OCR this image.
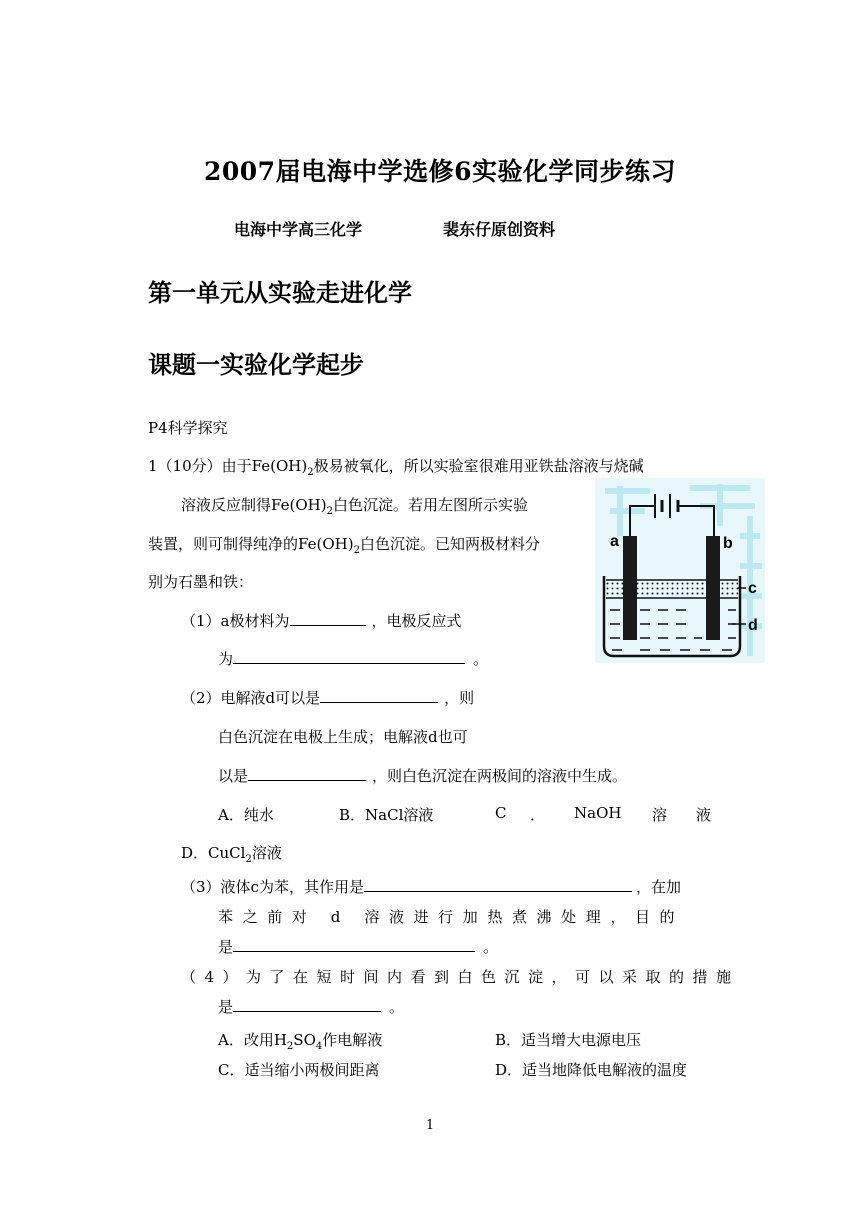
2007届电海中学选修6实验化学同步练习
电海中学高三化学	裴东仔原创资料
第一单元从实验走进化学
课题一实验化学起步
P4科学探究
1（10分）由于$Fe(OH)_2$极易被氧化，所以实验室很难用亚铁盐溶液与烧碱
溶液反应制得$Fe(OH)_2$白色沉淀。若用左图所示实验
装置，则可制得纯净的$Fe(OH)_2$白色沉淀。已知两极材料分
别为石墨和铁：
（1）a极材料为	，电极反应式
为	。
（2）电解液d可以是	，则
白色沉淀在电极上生成；电解液d也可
以是	，则白色沉淀在两极间的溶液中生成。
A．纯水	B．NaCl溶液	C ． NaOH 溶 液
D．CuCl$_2$溶液
（3）液体c为苯，其作用是	，在加
苯之前对 d 溶液进行加热煮沸处理，目的
是	。
（4）为了在短时间内看到白色沉淀，可以采取的措施
是	。
A．改用$H_2SO_4$作电解液	B．适当增大电源电压
C．适当缩小两极间距离	D．适当地降低电解液的温度
a	b
c
d
1
